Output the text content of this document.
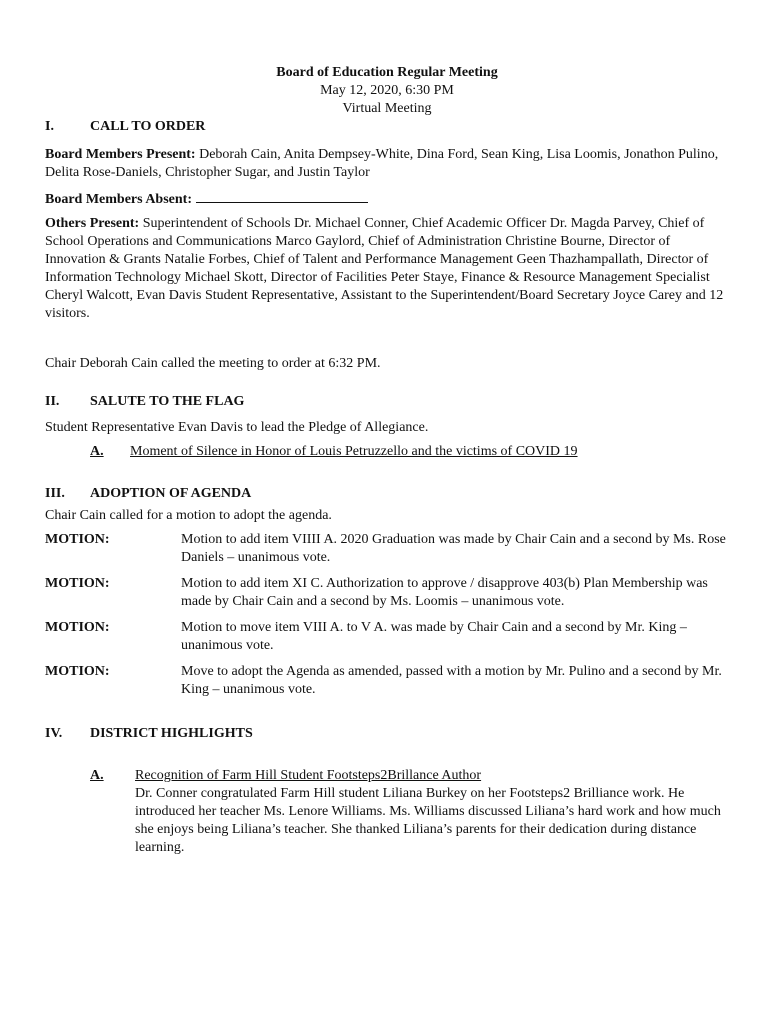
Board of Education Regular Meeting
May 12, 2020, 6:30 PM
Virtual Meeting
I.	CALL TO ORDER

Board Members Present: Deborah Cain, Anita Dempsey-White, Dina Ford, Sean King, Lisa Loomis, Jonathon Pulino, Delita Rose-Daniels, Christopher Sugar, and Justin Taylor

Board Members Absent:

Others Present: Superintendent of Schools Dr. Michael Conner, Chief Academic Officer Dr. Magda Parvey, Chief of School Operations and Communications Marco Gaylord, Chief of Administration Christine Bourne, Director of Innovation & Grants Natalie Forbes, Chief of Talent and Performance Management Geen Thazhampallath, Director of Information Technology Michael Skott, Director of Facilities Peter Staye, Finance & Resource Management Specialist Cheryl Walcott, Evan Davis Student Representative, Assistant to the Superintendent/Board Secretary Joyce Carey and 12 visitors.

Chair Deborah Cain called the meeting to order at 6:32 PM.

II.	SALUTE TO THE FLAG

Student Representative Evan Davis to lead the Pledge of Allegiance.

A.	Moment of Silence in Honor of Louis Petruzzello and the victims of COVID 19
III.	ADOPTION OF AGENDA

Chair Cain called for a motion to adopt the agenda.

MOTION:	Motion to add item VIIII A. 2020 Graduation was made by Chair Cain and a second by Ms. Rose Daniels – unanimous vote.
MOTION:	Motion to add item XI C. Authorization to approve / disapprove 403(b) Plan Membership was made by Chair Cain and a second by Ms. Loomis – unanimous vote.
MOTION:	Motion to move item VIII A. to V A. was made by Chair Cain and a second by Mr. King – unanimous vote.
MOTION:	Move to adopt the Agenda as amended, passed with a motion by Mr. Pulino and a second by Mr. King – unanimous vote.
IV.	DISTRICT HIGHLIGHTS
A.	Recognition of Farm Hill Student Footsteps2Brillance Author
Dr. Conner congratulated Farm Hill student Liliana Burkey on her Footsteps2 Brilliance work. He introduced her teacher Ms. Lenore Williams. Ms. Williams discussed Liliana’s hard work and how much she enjoys being Liliana’s teacher. She thanked Liliana’s parents for their dedication during distance learning.
